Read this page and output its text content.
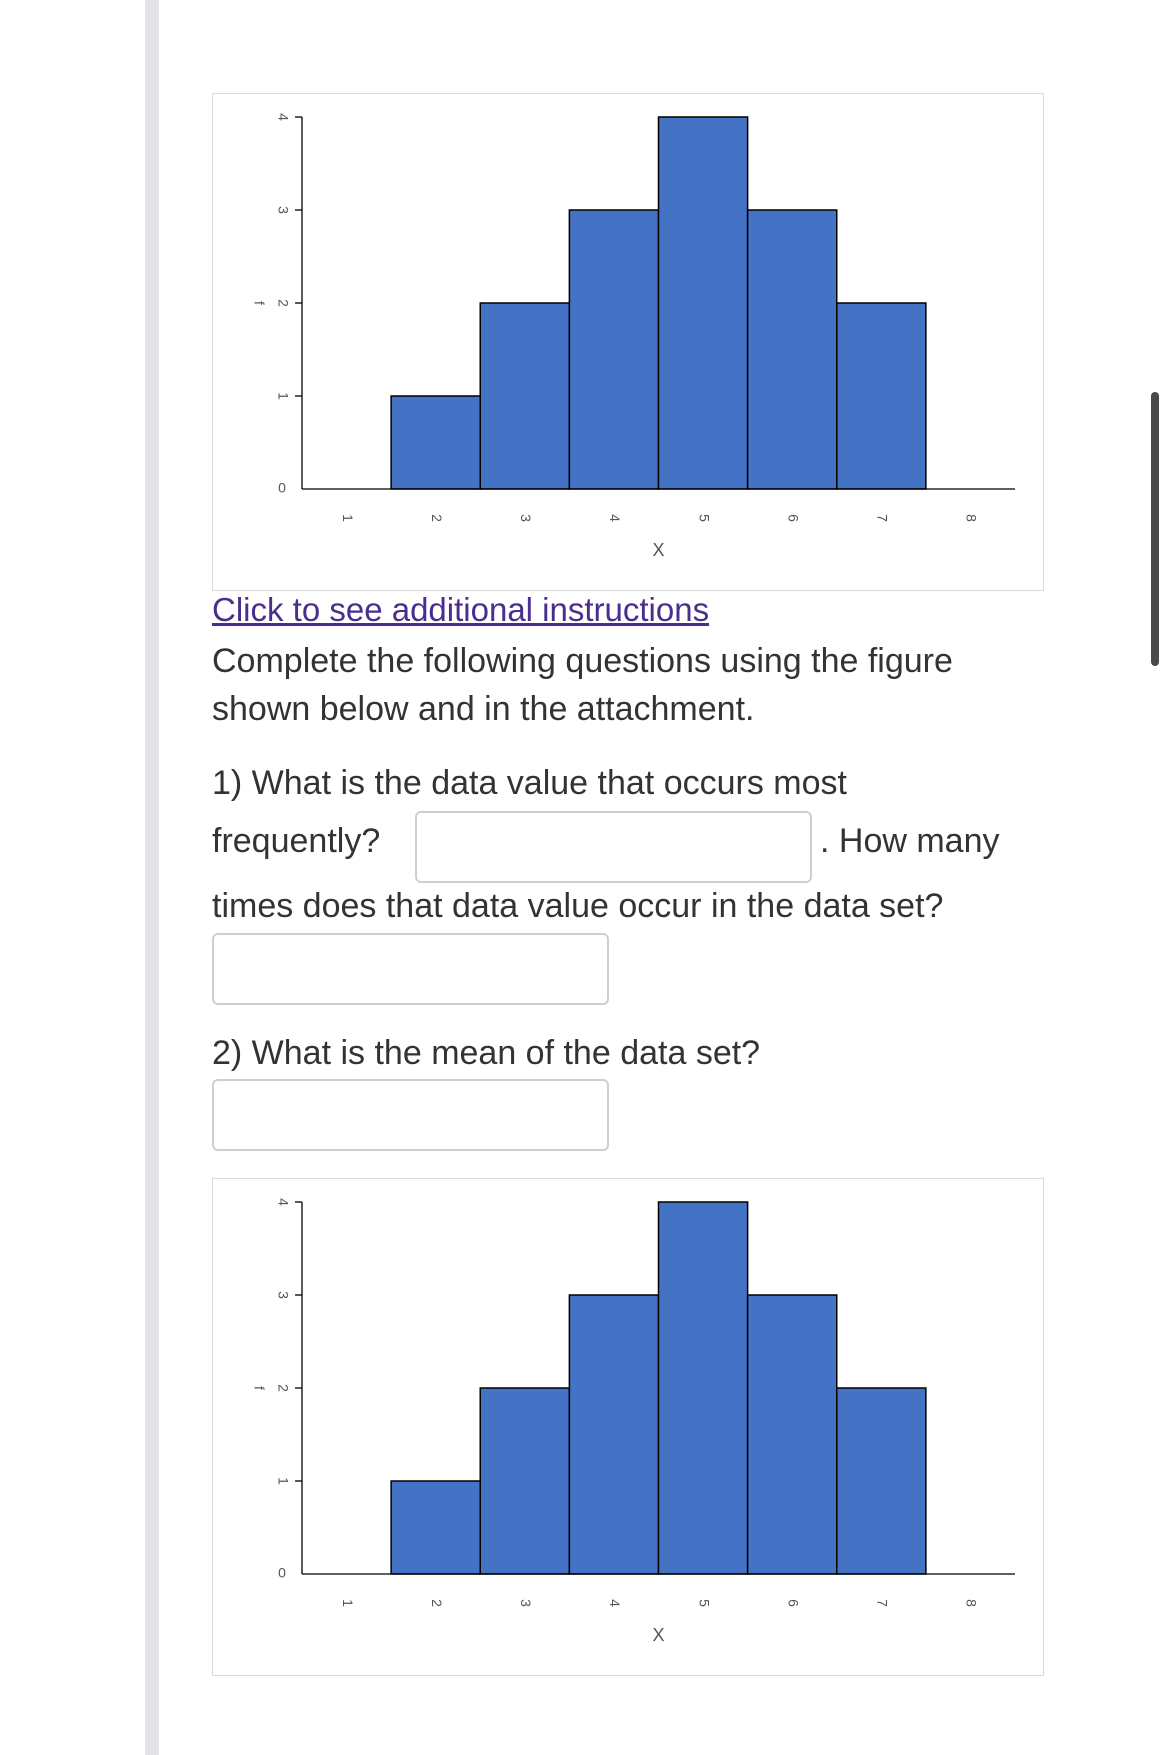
0
1
2
3
4
f
1	2	3	4	5	6	7	8
X
Click to see additional instructions

Complete the following questions using the figure

shown below and in the attachment.

1) What is the data value that occurs most

frequently?	. How many

times does that data value occur in the data set?

2) What is the mean of the data set?

0
1
2
3
4
f
1	2	3	4	5	6	7	8
X
